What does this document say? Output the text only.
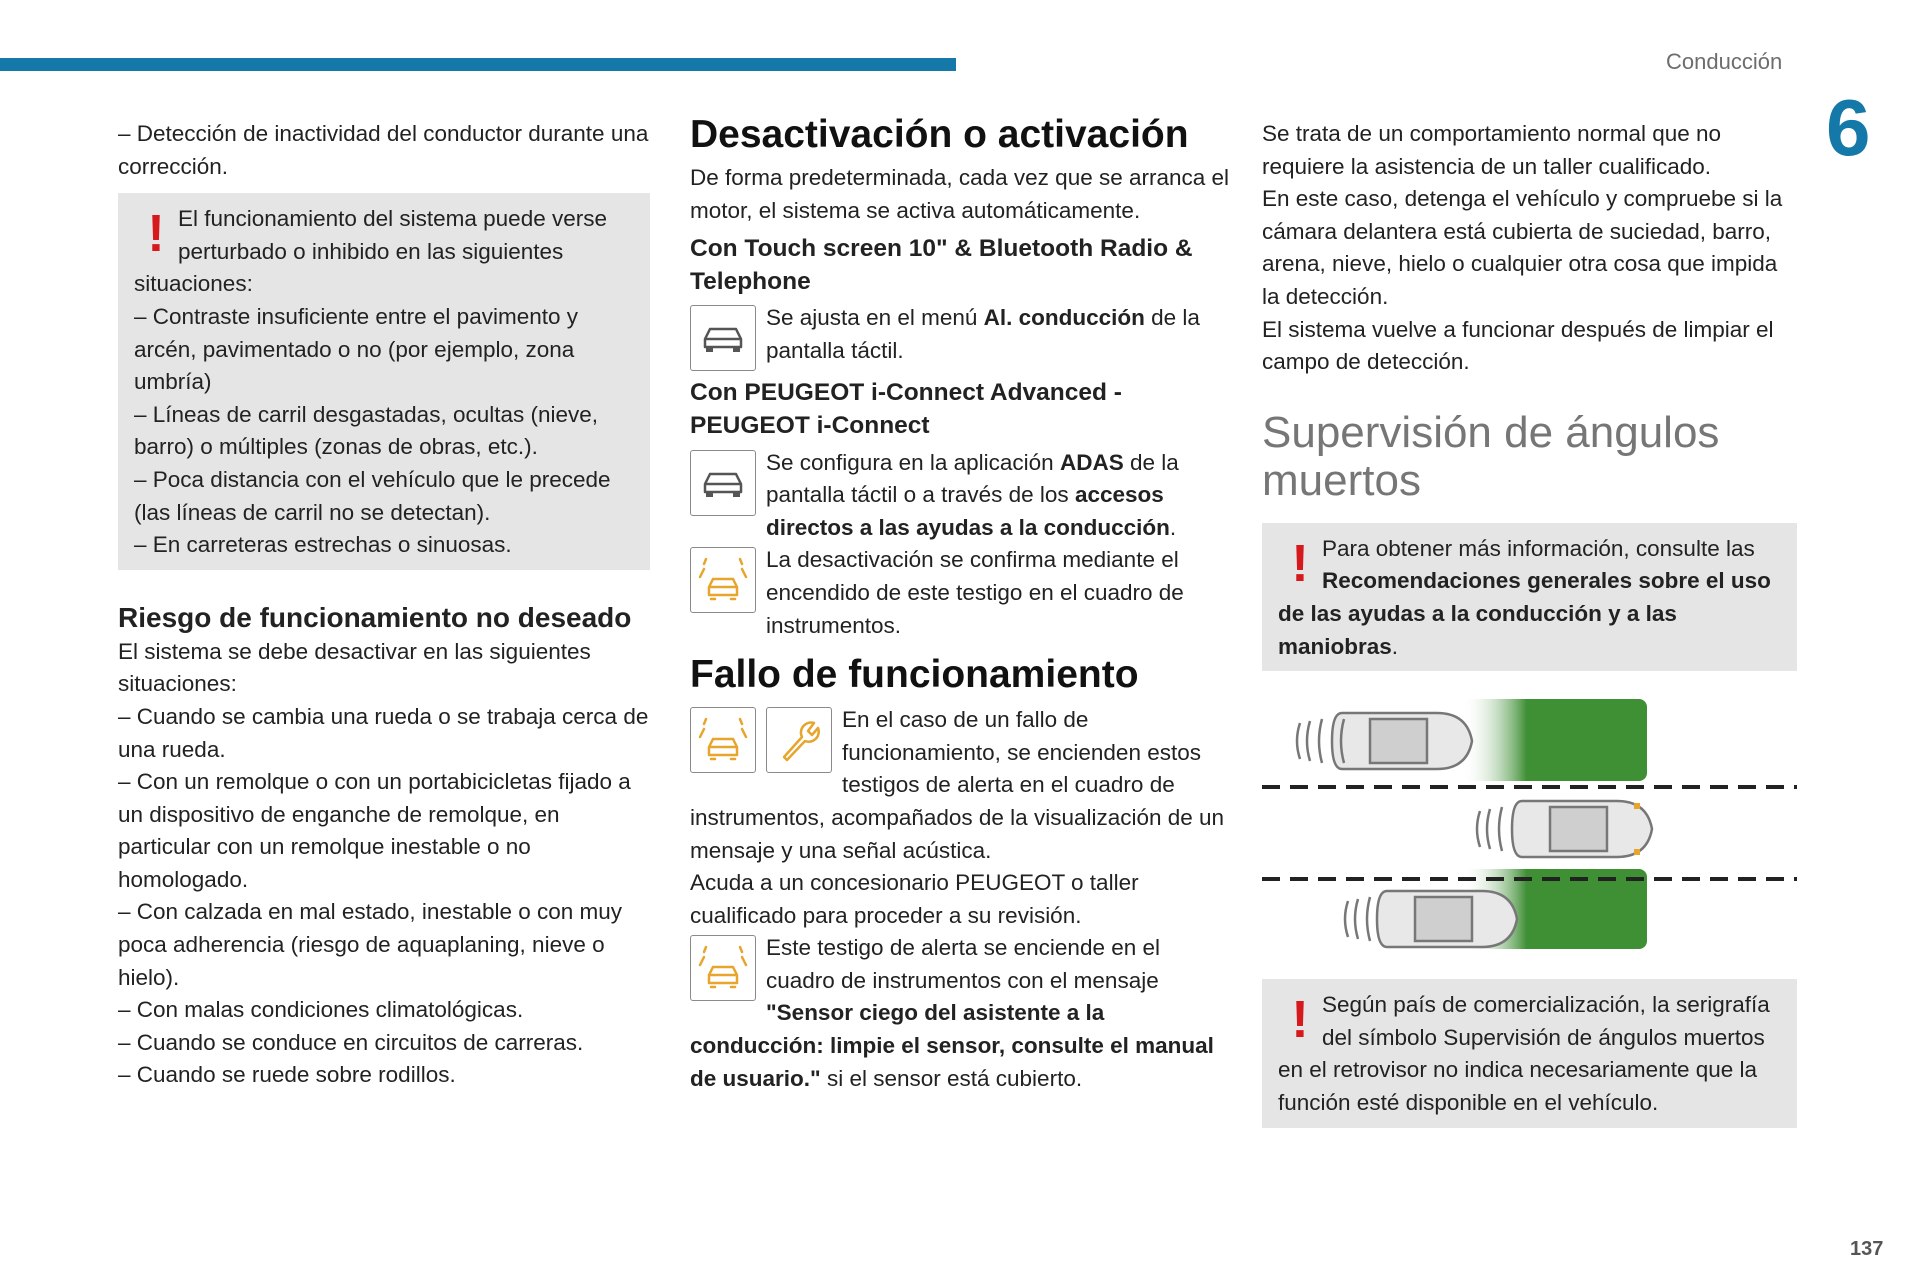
Conducción
6
137

– Detección de inactividad del conductor durante una corrección.

! El funcionamiento del sistema puede verse perturbado o inhibido en las siguientes situaciones:

– Contraste insuficiente entre el pavimento y arcén, pavimentado o no (por ejemplo, zona umbría)

– Líneas de carril desgastadas, ocultas (nieve, barro) o múltiples (zonas de obras, etc.).

– Poca distancia con el vehículo que le precede (las líneas de carril no se detectan).

– En carreteras estrechas o sinuosas.

Riesgo de funcionamiento no deseado

El sistema se debe desactivar en las siguientes situaciones:

– Cuando se cambia una rueda o se trabaja cerca de una rueda.

– Con un remolque o con un portabicicletas fijado a un dispositivo de enganche de remolque, en particular con un remolque inestable o no homologado.

– Con calzada en mal estado, inestable o con muy poca adherencia (riesgo de aquaplaning, nieve o hielo).

– Con malas condiciones climatológicas.

– Cuando se conduce en circuitos de carreras.

– Cuando se ruede sobre rodillos.

Desactivación o activación

De forma predeterminada, cada vez que se arranca el motor, el sistema se activa automáticamente.

Con Touch screen 10" & Bluetooth Radio & Telephone

Se ajusta en el menú Al. conducción de la pantalla táctil.

Con PEUGEOT i-Connect Advanced - PEUGEOT i-Connect

Se configura en la aplicación ADAS de la pantalla táctil o a través de los accesos directos a las ayudas a la conducción.

La desactivación se confirma mediante el encendido de este testigo en el cuadro de instrumentos.

Fallo de funcionamiento

En el caso de un fallo de funcionamiento, se encienden estos testigos de alerta en el cuadro de instrumentos, acompañados de la visualización de un mensaje y una señal acústica.

Acuda a un concesionario PEUGEOT o taller cualificado para proceder a su revisión.

Este testigo de alerta se enciende en el cuadro de instrumentos con el mensaje "Sensor ciego del asistente a la conducción: limpie el sensor, consulte el manual de usuario." si el sensor está cubierto.

Se trata de un comportamiento normal que no requiere la asistencia de un taller cualificado.

En este caso, detenga el vehículo y compruebe si la cámara delantera está cubierta de suciedad, barro, arena, nieve, hielo o cualquier otra cosa que impida la detección.

El sistema vuelve a funcionar después de limpiar el campo de detección.

Supervisión de ángulos muertos
! Para obtener más información, consulte las Recomendaciones generales sobre el uso de las ayudas a la conducción y a las maniobras.

! Según país de comercialización, la serigrafía del símbolo Supervisión de ángulos muertos en el retrovisor no indica necesariamente que la función esté disponible en el vehículo.
